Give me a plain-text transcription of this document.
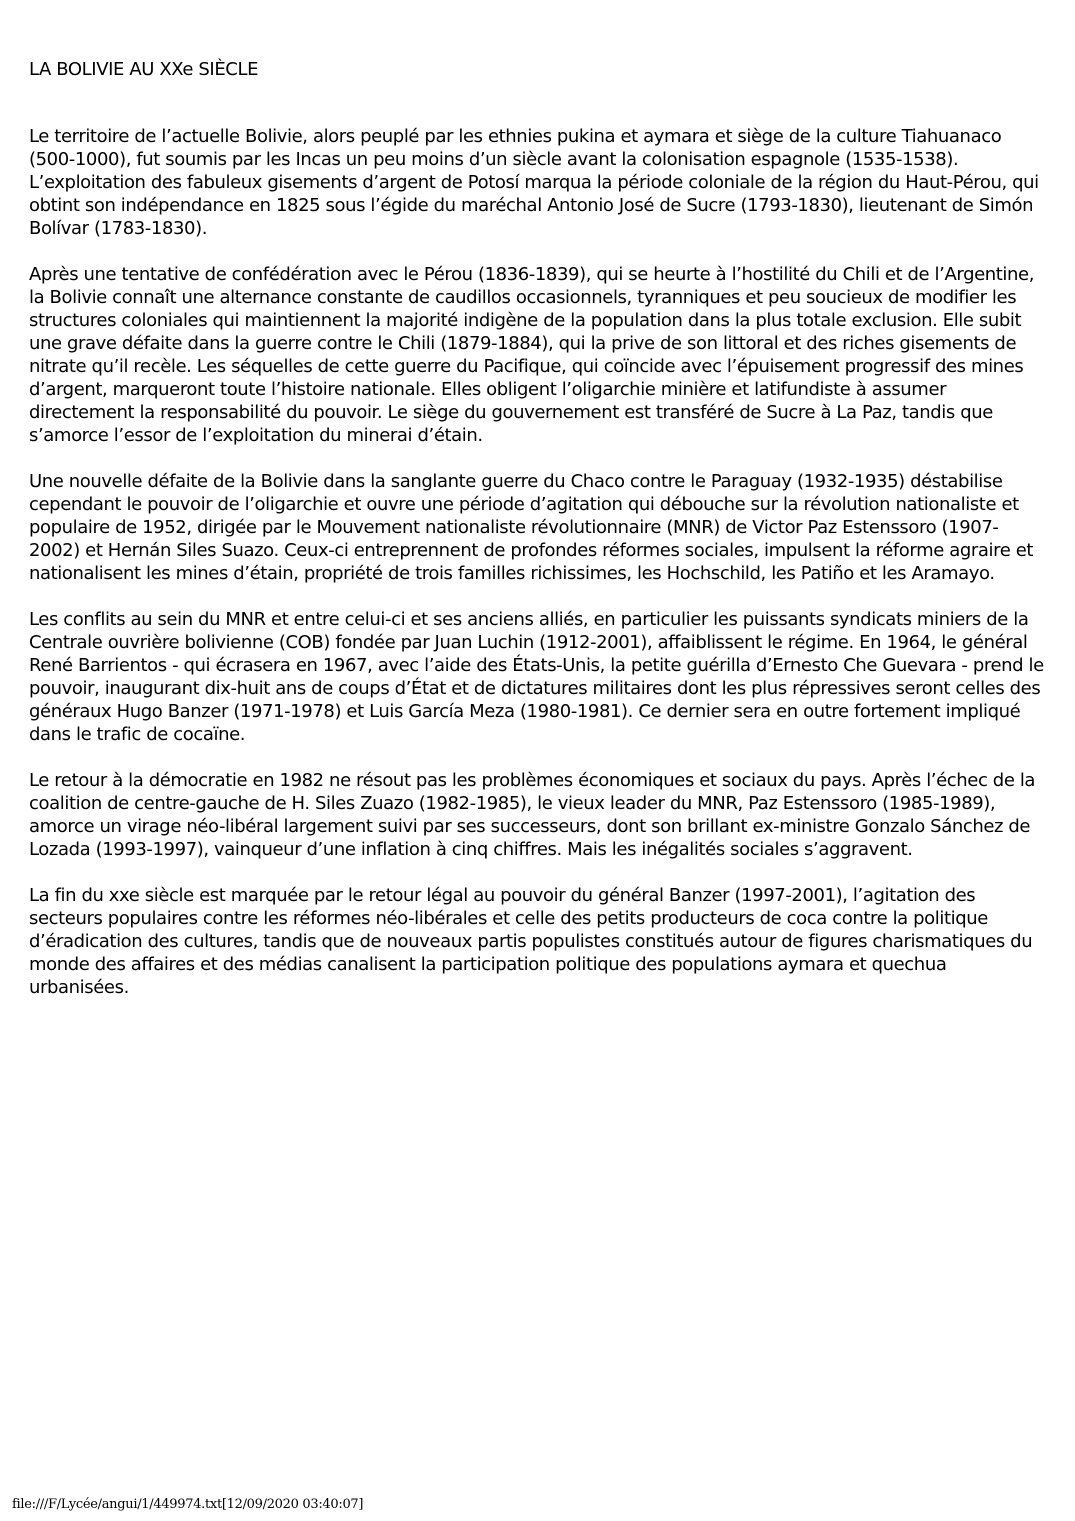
LA BOLIVIE AU XXe SIÈCLE

Le territoire de l’actuelle Bolivie, alors peuplé par les ethnies pukina et aymara et siège de la culture Tiahuanaco (500-1000), fut soumis par les Incas un peu moins d’un siècle avant la colonisation espagnole (1535-1538). L’exploitation des fabuleux gisements d’argent de Potosí marqua la période coloniale de la région du Haut-Pérou, qui obtint son indépendance en 1825 sous l’égide du maréchal Antonio José de Sucre (1793-1830), lieutenant de Simón Bolívar (1783-1830).

Après une tentative de confédération avec le Pérou (1836-1839), qui se heurte à l’hostilité du Chili et de l’Argentine, la Bolivie connaît une alternance constante de caudillos occasionnels, tyranniques et peu soucieux de modifier les structures coloniales qui maintiennent la majorité indigène de la population dans la plus totale exclusion. Elle subit une grave défaite dans la guerre contre le Chili (1879-1884), qui la prive de son littoral et des riches gisements de nitrate qu’il recèle. Les séquelles de cette guerre du Pacifique, qui coïncide avec l’épuisement progressif des mines d’argent, marqueront toute l’histoire nationale. Elles obligent l’oligarchie minière et latifundiste à assumer directement la responsabilité du pouvoir. Le siège du gouvernement est transféré de Sucre à La Paz, tandis que s’amorce l’essor de l’exploitation du minerai d’étain.

Une nouvelle défaite de la Bolivie dans la sanglante guerre du Chaco contre le Paraguay (1932-1935) déstabilise cependant le pouvoir de l’oligarchie et ouvre une période d’agitation qui débouche sur la révolution nationaliste et populaire de 1952, dirigée par le Mouvement nationaliste révolutionnaire (MNR) de Victor Paz Estenssoro (1907-2002) et Hernán Siles Suazo. Ceux-ci entreprennent de profondes réformes sociales, impulsent la réforme agraire et nationalisent les mines d’étain, propriété de trois familles richissimes, les Hochschild, les Patiño et les Aramayo.

Les conflits au sein du MNR et entre celui-ci et ses anciens alliés, en particulier les puissants syndicats miniers de la Centrale ouvrière bolivienne (COB) fondée par Juan Luchin (1912-2001), affaiblissent le régime. En 1964, le général René Barrientos - qui écrasera en 1967, avec l’aide des États-Unis, la petite guérilla d’Ernesto Che Guevara - prend le pouvoir, inaugurant dix-huit ans de coups d’État et de dictatures militaires dont les plus répressives seront celles des généraux Hugo Banzer (1971-1978) et Luis García Meza (1980-1981). Ce dernier sera en outre fortement impliqué dans le trafic de cocaïne.

Le retour à la démocratie en 1982 ne résout pas les problèmes économiques et sociaux du pays. Après l’échec de la coalition de centre-gauche de H. Siles Zuazo (1982-1985), le vieux leader du MNR, Paz Estenssoro (1985-1989), amorce un virage néo-libéral largement suivi par ses successeurs, dont son brillant ex-ministre Gonzalo Sánchez de Lozada (1993-1997), vainqueur d’une inflation à cinq chiffres. Mais les inégalités sociales s’aggravent.

La fin du xxe siècle est marquée par le retour légal au pouvoir du général Banzer (1997-2001), l’agitation des secteurs populaires contre les réformes néo-libérales et celle des petits producteurs de coca contre la politique d’éradication des cultures, tandis que de nouveaux partis populistes constitués autour de figures charismatiques du monde des affaires et des médias canalisent la participation politique des populations aymara et quechua urbanisées.

file:///F/Lycée/angui/1/449974.txt[12/09/2020 03:40:07]
